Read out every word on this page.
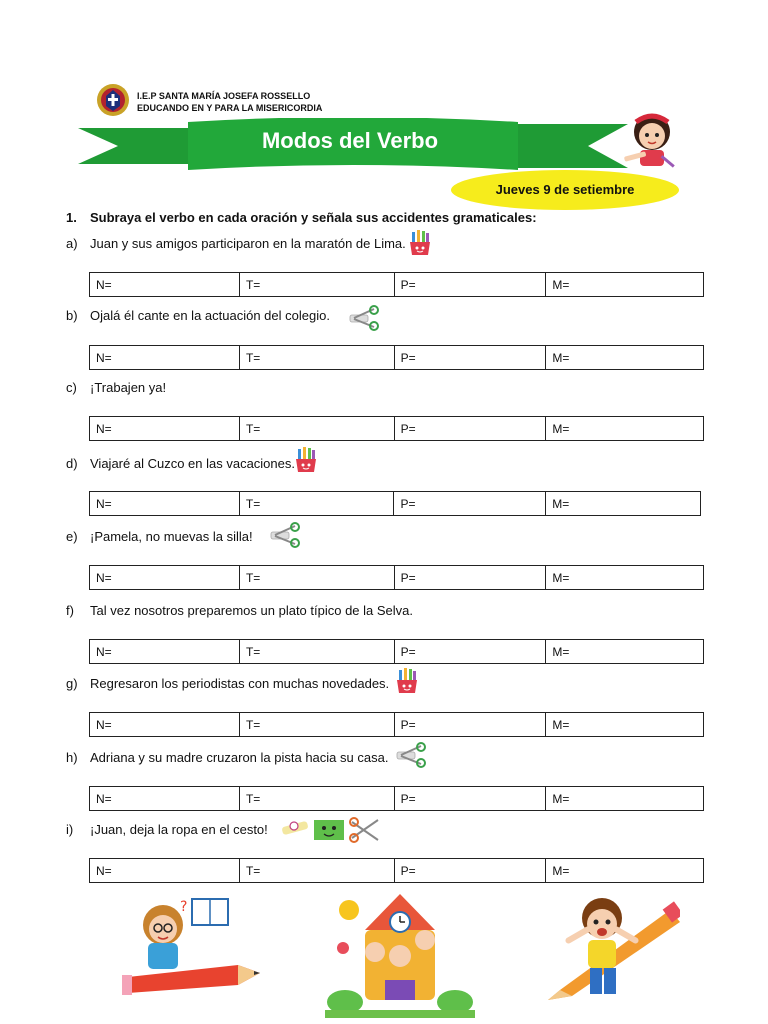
I.E.P SANTA MARÍA JOSEFA ROSSELLO
EDUCANDO EN Y PARA LA MISERICORDIA
Modos del Verbo
Jueves 9 de setiembre
1. Subraya el verbo en cada oración y señala sus accidentes gramaticales:
a) Juan y sus amigos participaron en la maratón de Lima.
N=	T=	P=	M=
b) Ojalá él cante en la actuación del colegio.
N=	T=	P=	M=
c) ¡Trabajen ya!
N=	T=	P=	M=
d) Viajaré al Cuzco en las vacaciones.
N=	T=	P=	M=
e) ¡Pamela, no muevas la silla!
N=	T=	P=	M=
f) Tal vez nosotros preparemos un plato típico de la Selva.
N=	T=	P=	M=
g) Regresaron los periodistas con muchas novedades.
N=	T=	P=	M=
h) Adriana y su madre cruzaron la pista hacia su casa.
N=	T=	P=	M=
i) ¡Juan, deja la ropa en el cesto!
N=	T=	P=	M=
?
